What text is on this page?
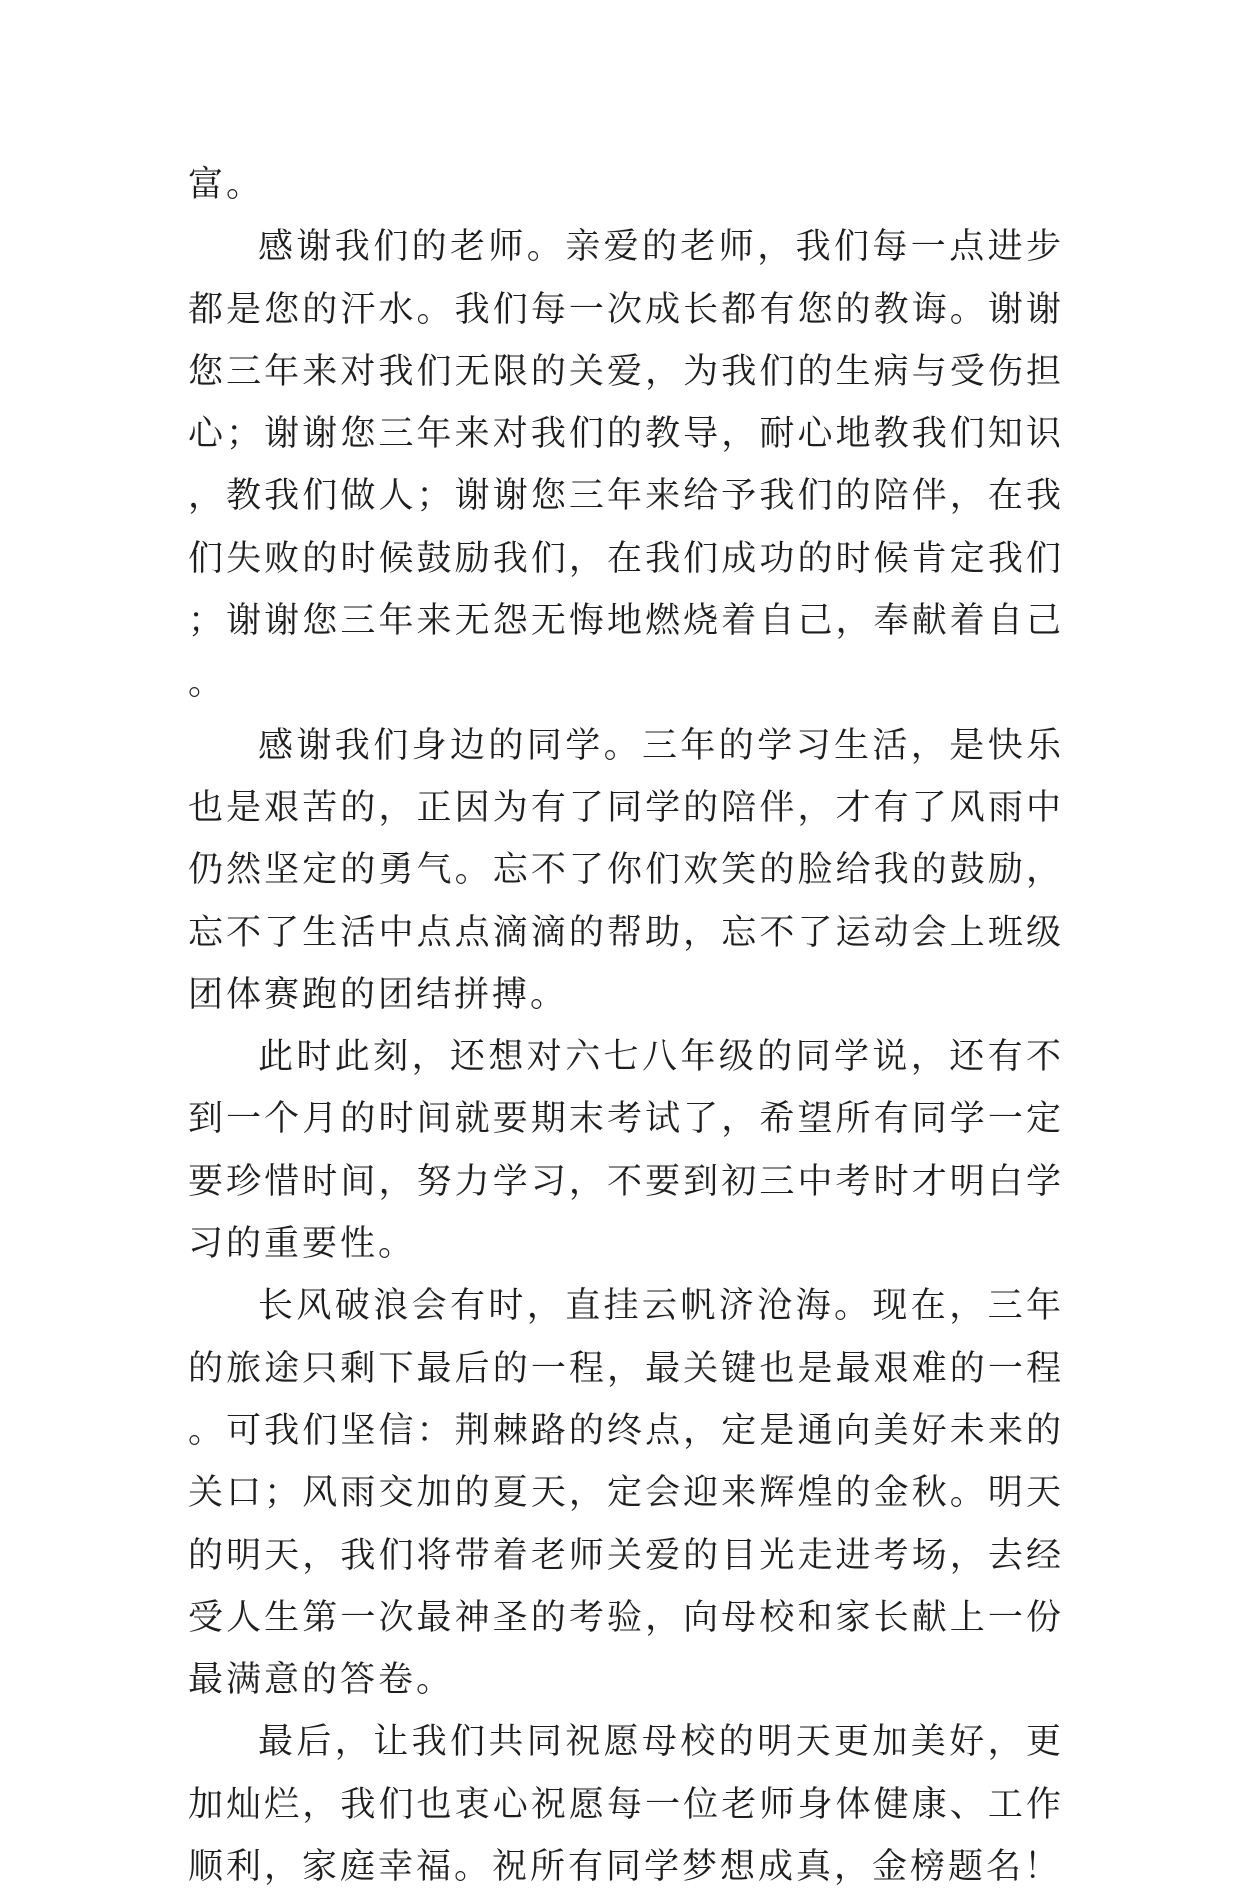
富。

感谢我们的老师。亲爱的老师，我们每一点进步都是您的汗水。我们每一次成长都有您的教诲。谢谢您三年来对我们无限的关爱，为我们的生病与受伤担心；谢谢您三年来对我们的教导，耐心地教我们知识，教我们做人；谢谢您三年来给予我们的陪伴，在我们失败的时候鼓励我们，在我们成功的时候肯定我们；谢谢您三年来无怨无悔地燃烧着自己，奉献着自己。

感谢我们身边的同学。三年的学习生活，是快乐也是艰苦的，正因为有了同学的陪伴，才有了风雨中仍然坚定的勇气。忘不了你们欢笑的脸给我的鼓励，忘不了生活中点点滴滴的帮助，忘不了运动会上班级团体赛跑的团结拼搏。

此时此刻，还想对六七八年级的同学说，还有不到一个月的时间就要期末考试了，希望所有同学一定要珍惜时间，努力学习，不要到初三中考时才明白学习的重要性。

长风破浪会有时，直挂云帆济沧海。现在，三年的旅途只剩下最后的一程，最关键也是最艰难的一程。可我们坚信：荆棘路的终点，定是通向美好未来的关口；风雨交加的夏天，定会迎来辉煌的金秋。明天的明天，我们将带着老师关爱的目光走进考场，去经受人生第一次最神圣的考验，向母校和家长献上一份最满意的答卷。

最后，让我们共同祝愿母校的明天更加美好，更加灿烂，我们也衷心祝愿每一位老师身体健康、工作顺利，家庭幸福。祝所有同学梦想成真，金榜题名！
